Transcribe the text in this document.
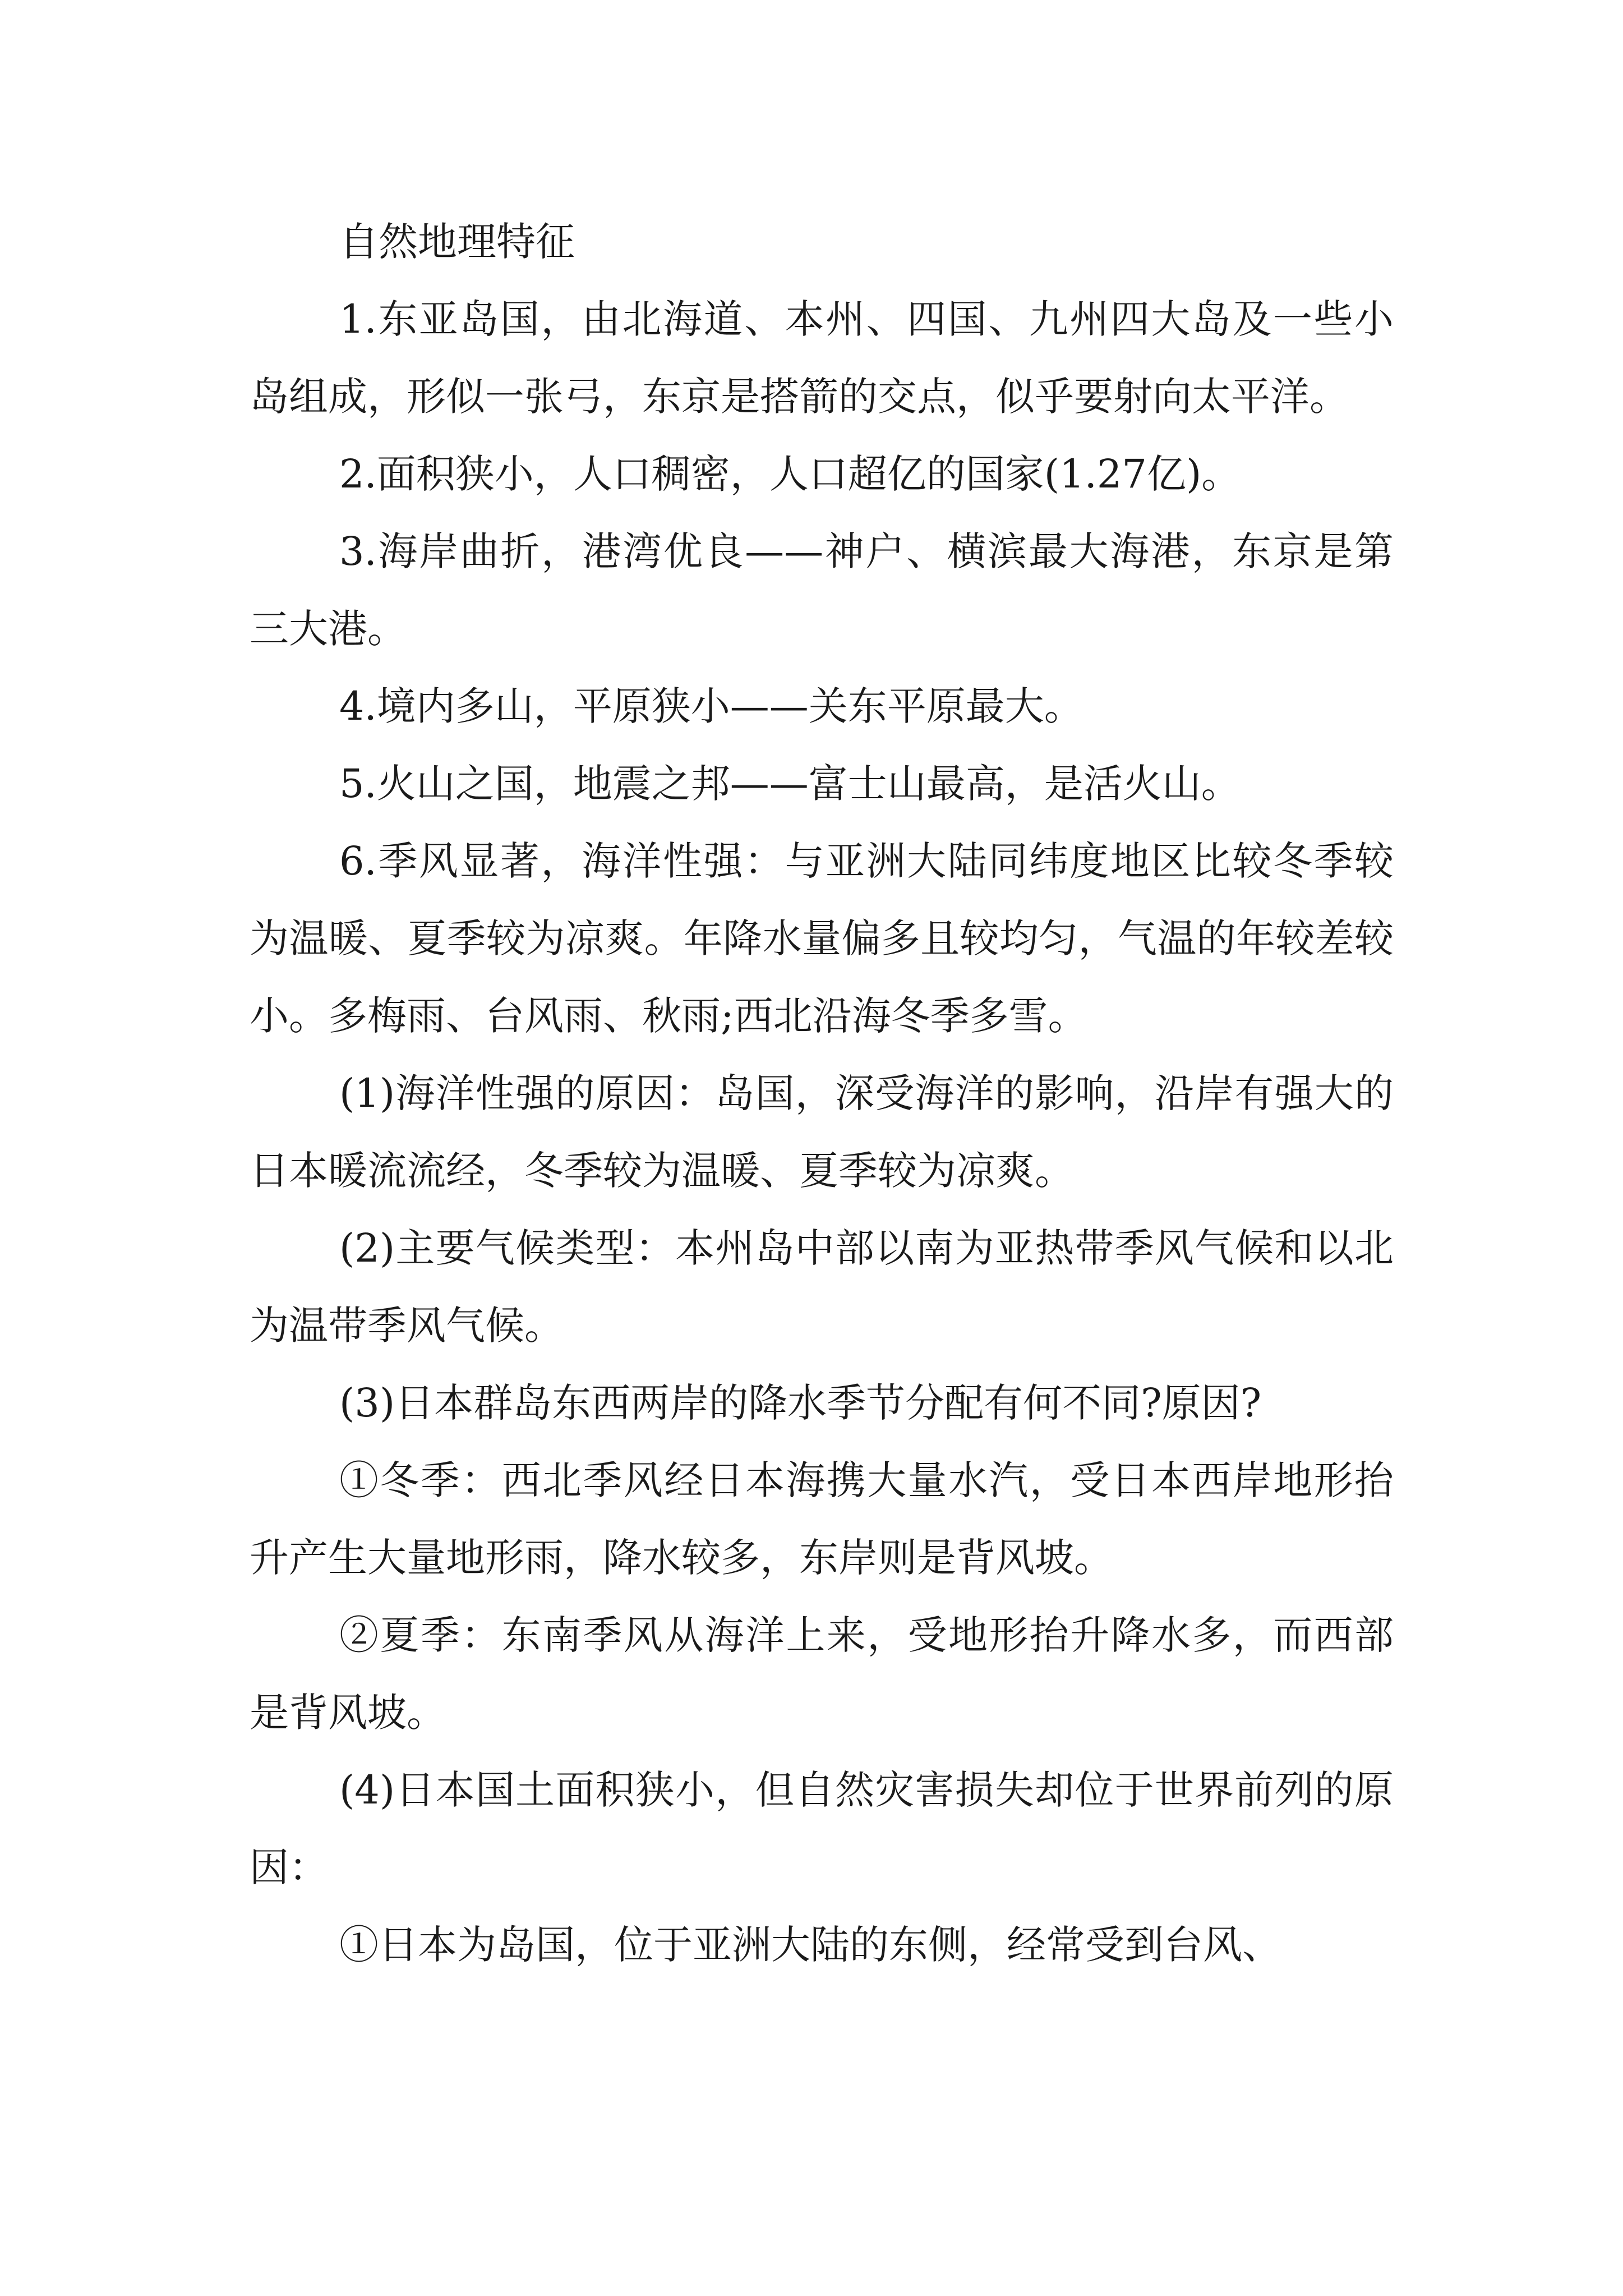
自然地理特征

1.东亚岛国，由北海道、本州、四国、九州四大岛及一些小岛组成，形似一张弓，东京是搭箭的交点，似乎要射向太平洋。

2.面积狭小，人口稠密，人口超亿的国家(1.27亿)。

3.海岸曲折，港湾优良——神户、横滨最大海港，东京是第三大港。

4.境内多山，平原狭小——关东平原最大。

5.火山之国，地震之邦——富士山最高，是活火山。

6.季风显著，海洋性强：与亚洲大陆同纬度地区比较冬季较为温暖、夏季较为凉爽。年降水量偏多且较均匀，气温的年较差较小。多梅雨、台风雨、秋雨;西北沿海冬季多雪。

(1)海洋性强的原因：岛国，深受海洋的影响，沿岸有强大的日本暖流流经，冬季较为温暖、夏季较为凉爽。

(2)主要气候类型：本州岛中部以南为亚热带季风气候和以北为温带季风气候。

(3)日本群岛东西两岸的降水季节分配有何不同?原因?

①冬季：西北季风经日本海携大量水汽，受日本西岸地形抬升产生大量地形雨，降水较多，东岸则是背风坡。

②夏季：东南季风从海洋上来，受地形抬升降水多，而西部是背风坡。

(4)日本国土面积狭小，但自然灾害损失却位于世界前列的原因：

①日本为岛国，位于亚洲大陆的东侧，经常受到台风、
